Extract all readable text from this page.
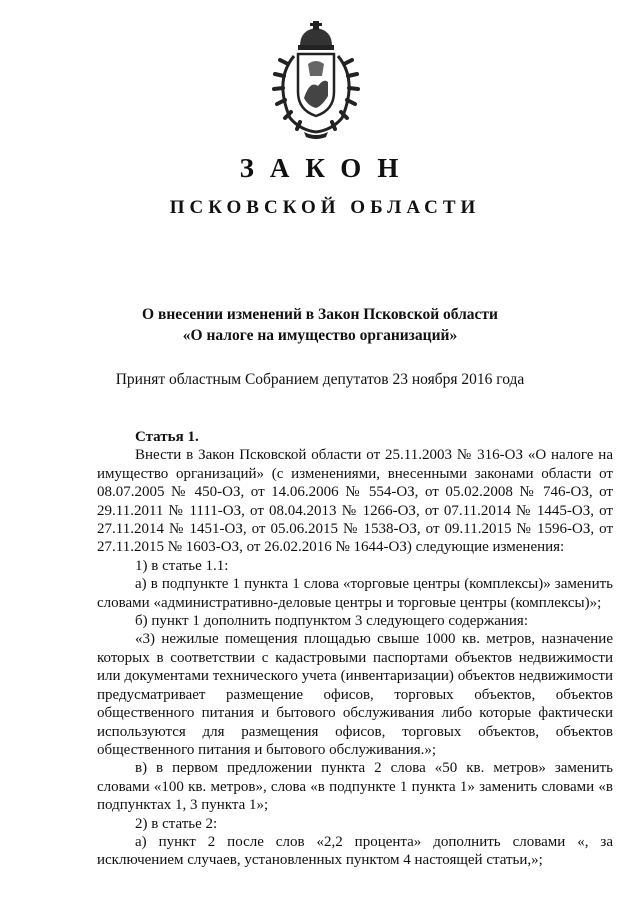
ЗАКОН
ПСКОВСКОЙ ОБЛАСТИ
О внесении изменений в Закон Псковской области
«О налоге на имущество организаций»
Принят областным Собранием депутатов 23 ноября 2016 года

Статья 1.

Внести в Закон Псковской области от 25.11.2003 № 316-ОЗ «О налоге на имущество организаций» (с изменениями, внесенными законами области от 08.07.2005 № 450-ОЗ, от 14.06.2006 № 554-ОЗ, от 05.02.2008 № 746-ОЗ, от 29.11.2011 № 1111-ОЗ, от 08.04.2013 № 1266-ОЗ, от 07.11.2014 № 1445-ОЗ, от 27.11.2014 № 1451-ОЗ, от 05.06.2015 № 1538-ОЗ, от 09.11.2015 № 1596-ОЗ, от 27.11.2015 № 1603-ОЗ, от 26.02.2016 № 1644-ОЗ) следующие изменения:

1) в статье 1.1:

а) в подпункте 1 пункта 1 слова «торговые центры (комплексы)» заменить словами «административно-деловые центры и торговые центры (комплексы)»;

б) пункт 1 дополнить подпунктом 3 следующего содержания:

«3) нежилые помещения площадью свыше 1000 кв. метров, назначение которых в соответствии с кадастровыми паспортами объектов недвижимости или документами технического учета (инвентаризации) объектов недвижимости предусматривает размещение офисов, торговых объектов, объектов общественного питания и бытового обслуживания либо которые фактически используются для размещения офисов, торговых объектов, объектов общественного питания и бытового обслуживания.»;

в) в первом предложении пункта 2 слова «50 кв. метров» заменить словами «100 кв. метров», слова «в подпункте 1 пункта 1» заменить словами «в подпунктах 1, 3 пункта 1»;

2) в статье 2:

а) пункт 2 после слов «2,2 процента» дополнить словами «, за исключением случаев, установленных пунктом 4 настоящей статьи,»;
